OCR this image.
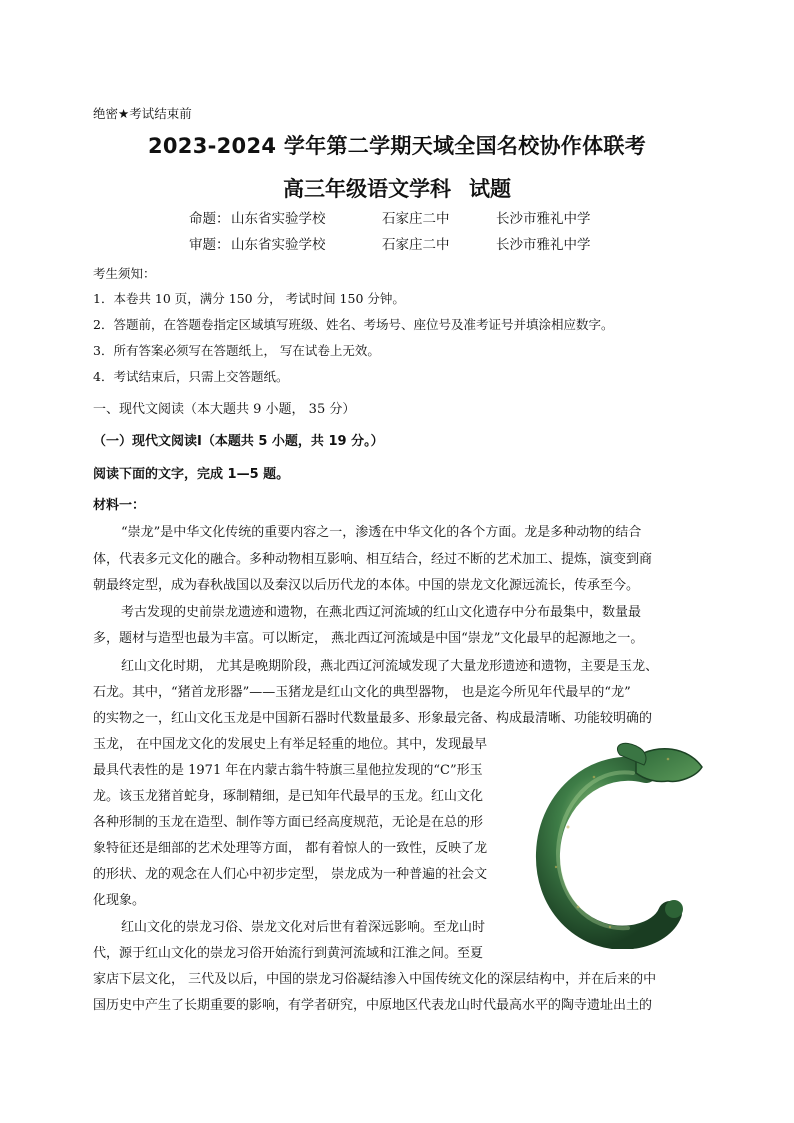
绝密★考试结束前
2023-2024 学年第二学期天域全国名校协作体联考
高三年级语文学科 试题
命题： 山东省实验学校	石家庄二中	长沙市雅礼中学
审题： 山东省实验学校	石家庄二中	长沙市雅礼中学
考生须知：
1．本卷共 10 页，满分 150 分， 考试时间 150 分钟。
2．答题前，在答题卷指定区域填写班级、姓名、考场号、座位号及准考证号并填涂相应数字。
3．所有答案必须写在答题纸上， 写在试卷上无效。
4．考试结束后，只需上交答题纸。
一、现代文阅读（本大题共 9 小题， 35 分）
（一）现代文阅读Ⅰ（本题共 5 小题，共 19 分。）
阅读下面的文字，完成 1—5 题。
材料一：
“崇龙”是中华文化传统的重要内容之一，渗透在中华文化的各个方面。龙是多种动物的结合
体，代表多元文化的融合。多种动物相互影响、相互结合，经过不断的艺术加工、提炼，演变到商
朝最终定型，成为春秋战国以及秦汉以后历代龙的本体。中国的崇龙文化源远流长，传承至今。
考古发现的史前崇龙遗迹和遗物，在燕北西辽河流域的红山文化遗存中分布最集中，数量最
多，题材与造型也最为丰富。可以断定， 燕北西辽河流域是中国“崇龙”文化最早的起源地之一。
红山文化时期， 尤其是晚期阶段，燕北西辽河流域发现了大量龙形遗迹和遗物，主要是玉龙、
石龙。其中，“猪首龙形器”——玉猪龙是红山文化的典型器物， 也是迄今所见年代最早的“龙”
的实物之一，红山文化玉龙是中国新石器时代数量最多、形象最完备、构成最清晰、功能较明确的
玉龙， 在中国龙文化的发展史上有举足轻重的地位。其中，发现最早
最具代表性的是 1971 年在内蒙古翁牛特旗三星他拉发现的“C”形玉
龙。该玉龙猪首蛇身，琢制精细，是已知年代最早的玉龙。红山文化
各种形制的玉龙在造型、制作等方面已经高度规范，无论是在总的形
象特征还是细部的艺术处理等方面， 都有着惊人的一致性，反映了龙
的形状、龙的观念在人们心中初步定型， 崇龙成为一种普遍的社会文
化现象。
红山文化的崇龙习俗、崇龙文化对后世有着深远影响。至龙山时
代，源于红山文化的崇龙习俗开始流行到黄河流域和江淮之间。至夏
家店下层文化， 三代及以后，中国的崇龙习俗凝结渗入中国传统文化的深层结构中，并在后来的中
国历史中产生了长期重要的影响，有学者研究，中原地区代表龙山时代最高水平的陶寺遗址出土的
